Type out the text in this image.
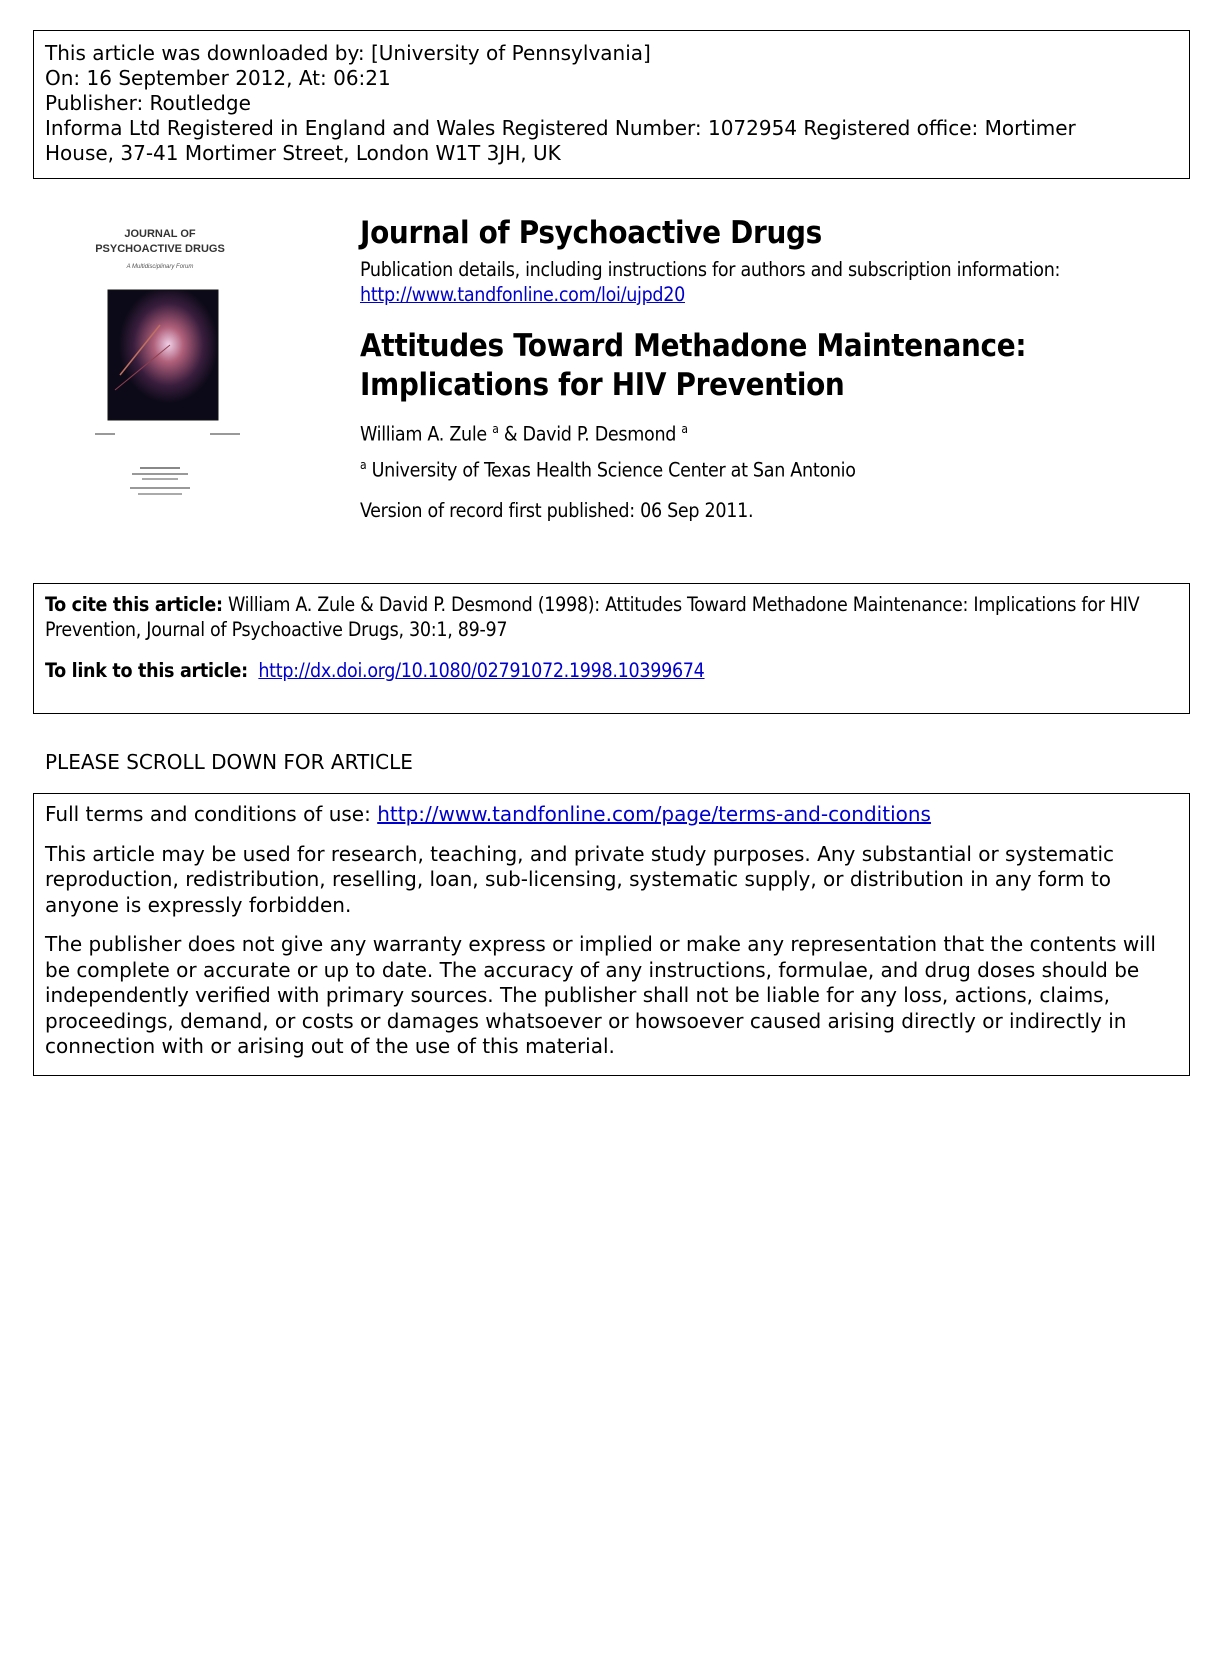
This article was downloaded by: [University of Pennsylvania]
On: 16 September 2012, At: 06:21
Publisher: Routledge
Informa Ltd Registered in England and Wales Registered Number: 1072954 Registered office: Mortimer
House, 37-41 Mortimer Street, London W1T 3JH, UK
JOURNAL OF
PSYCHOACTIVE DRUGS
A Multidisciplinary Forum
Journal of Psychoactive Drugs
Publication details, including instructions for authors and subscription information:
http://www.tandfonline.com/loi/ujpd20
Attitudes Toward Methadone Maintenance:
Implications for HIV Prevention
William A. Zule $^a$ & David P. Desmond $^a$
$^a$ University of Texas Health Science Center at San Antonio
Version of record first published: 06 Sep 2011.
To cite this article: William A. Zule & David P. Desmond (1998): Attitudes Toward Methadone Maintenance: Implications for HIV Prevention, Journal of Psychoactive Drugs, 30:1, 89-97
To link to this article: http://dx.doi.org/10.1080/02791072.1998.10399674
PLEASE SCROLL DOWN FOR ARTICLE

Full terms and conditions of use: http://www.tandfonline.com/page/terms-and-conditions

This article may be used for research, teaching, and private study purposes. Any substantial or systematic reproduction, redistribution, reselling, loan, sub-licensing, systematic supply, or distribution in any form to anyone is expressly forbidden.

The publisher does not give any warranty express or implied or make any representation that the contents will be complete or accurate or up to date. The accuracy of any instructions, formulae, and drug doses should be independently verified with primary sources. The publisher shall not be liable for any loss, actions, claims, proceedings, demand, or costs or damages whatsoever or howsoever caused arising directly or indirectly in connection with or arising out of the use of this material.
